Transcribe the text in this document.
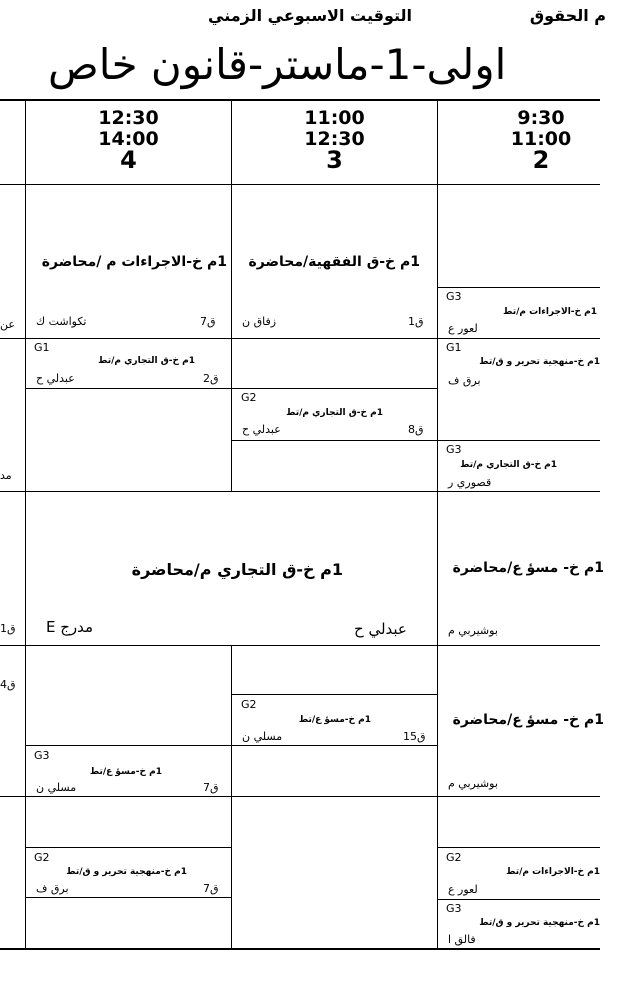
م الحقوق
التوقيت الاسبوعي الزمني
اولى-1-ماستر-قانون خاص
12:30
14:00
4
11:00
12:30
3
9:30
11:00
2
1م خ-الاجراءات م /محاضرة
ق7
تكواشت ك
1م خ-ق الفقهية/محاضرة
ق1
زفاق ن
G3
1م خ-الاجراءات م/تط
لعور ع
عن
G1
1م خ-ق التجاري م/تط
ق2
عبدلي ح
G1
1م خ-منهجية تحرير و ق/تط
برق ف
G2
1م خ-ق التجاري م/تط
ق8
عبدلي ح
G3
1م خ-ق التجاري م/تط
قصوري ر
مد
1م خ-ق التجاري م/محاضرة
مدرج E	عبدلي ح
1م خ- مسؤ ع/محاضرة
بوشيربي م
ق1
ق4
G2
1م خ-مسؤ ع/تط
ق15
مسلي ن
1م خ- مسؤ ع/محاضرة
بوشيربي م
G3
1م خ-مسؤ ع/تط
ق7
مسلي ن
G2
1م خ-منهجية تحرير و ق/تط
ق7
برق ف
G2
1م خ-الاجراءات م/تط
لعور ع
G3
1م خ-منهجية تحرير و ق/تط
فالق ا
